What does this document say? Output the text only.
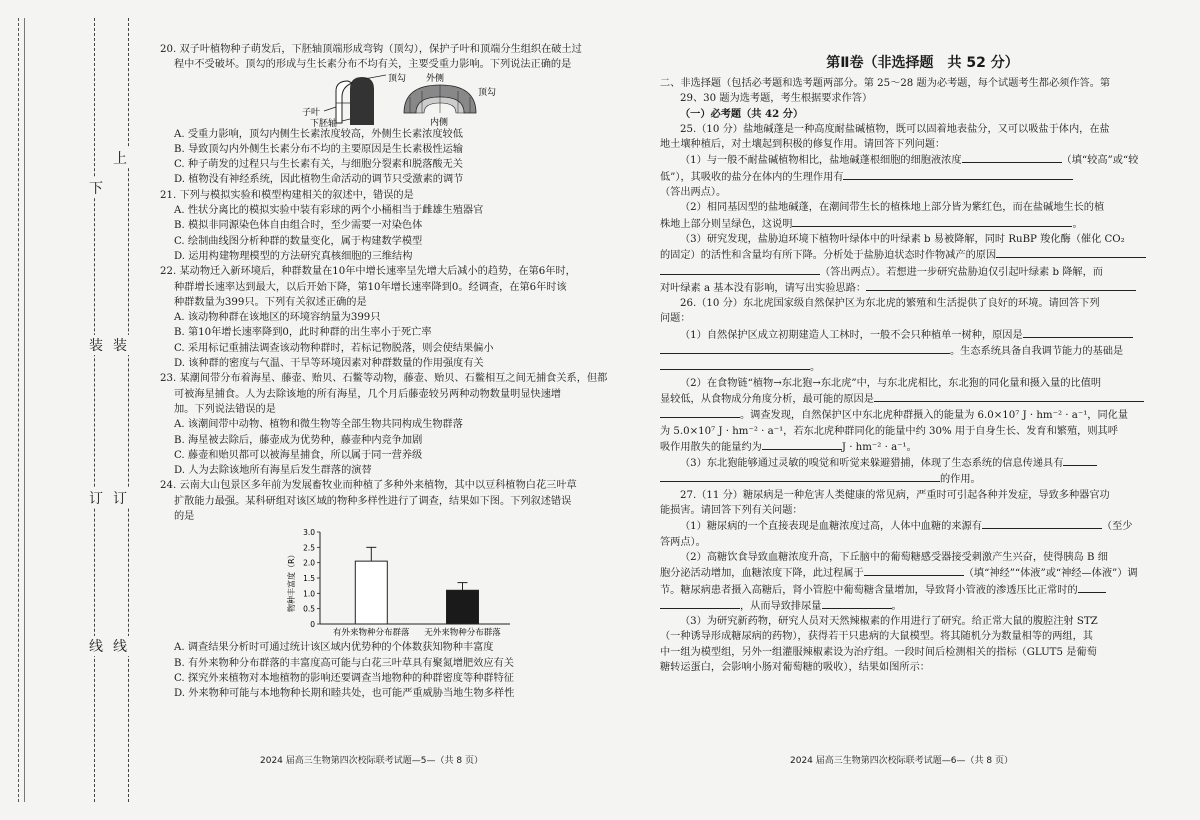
下
装
订
线
上
装
订
线
20. 双子叶植物种子萌发后，下胚轴顶端形成弯钩（顶勾），保护子叶和顶端分生组织在破土过
程中不受破坏。顶勾的形成与生长素分布不均有关，主要受重力影响。下列说法正确的是
顶勾
子叶
下胚轴
外侧
顶勾
内侧
A. 受重力影响，顶勾内侧生长素浓度较高，外侧生长素浓度较低
B. 导致顶勾内外侧生长素分布不均的主要原因是生长素极性运输
C. 种子萌发的过程只与生长素有关，与细胞分裂素和脱落酸无关
D. 植物没有神经系统，因此植物生命活动的调节只受激素的调节
21. 下列与模拟实验和模型构建相关的叙述中，错误的是
A. 性状分离比的模拟实验中装有彩球的两个小桶相当于雌雄生殖器官
B. 模拟非同源染色体自由组合时，至少需要一对染色体
C. 绘制曲线图分析种群的数量变化，属于构建数学模型
D. 运用构建物理模型的方法研究真核细胞的三维结构
22. 某动物迁入新环境后，种群数量在10年中增长速率呈先增大后减小的趋势，在第6年时，
种群增长速率达到最大，以后开始下降，第10年增长速率降到0。经调查，在第6年时该
种群数量为399只。下列有关叙述正确的是
A. 该动物种群在该地区的环境容纳量为399只
B. 第10年增长速率降到0，此时种群的出生率小于死亡率
C. 采用标记重捕法调查该动物种群时，若标记物脱落，则会使结果偏小
D. 该种群的密度与气温、干旱等环境因素对种群数量的作用强度有关
23. 某潮间带分布着海星、藤壶、贻贝、石鳖等动物，藤壶、贻贝、石鳖相互之间无捕食关系，但都
可被海星捕食。人为去除该地的所有海星，几个月后藤壶较另两种动物数量明显快速增
加。下列说法错误的是
A. 该潮间带中动物、植物和微生物等全部生物共同构成生物群落
B. 海星被去除后，藤壶成为优势种，藤壶种内竞争加剧
C. 藤壶和贻贝都可以被海星捕食，所以属于同一营养级
D. 人为去除该地所有海星后发生群落的演替
24. 云南大山包景区多年前为发展畜牧业而种植了多种外来植物，其中以豆科植物白花三叶草
扩散能力最强。某科研组对该区域的物种多样性进行了调查，结果如下图。下列叙述错误
的是
0
0.5
1.0
1.5
2.0
2.5
3.0
有外来物种分布群落 无外来物种分布群落
物种丰富度（R）
A. 调查结果分析时可通过统计该区域内优势种的个体数获知物种丰富度
B. 有外来物种分布群落的丰富度高可能与白花三叶草具有聚氮增肥效应有关
C. 探究外来植物对本地植物的影响还要调查当地物种的种群密度等种群特征
D. 外来物种可能与本地物种长期和睦共处，也可能严重威胁当地生物多样性
2024 届高三生物第四次校际联考试题—5—（共 8 页）
第Ⅱ卷（非选择题　共 52 分）
二、非选择题（包括必考题和选考题两部分。第 25～28 题为必考题，每个试题考生都必须作答。第
29、30 题为选考题，考生根据要求作答）
（一）必考题（共 42 分）
25.（10 分）盐地碱蓬是一种高度耐盐碱植物，既可以固着地表盐分，又可以吸盐于体内，在盐
地土壤种植后，对土壤起到积极的修复作用。请回答下列问题：
（1）与一般不耐盐碱植物相比，盐地碱蓬根细胞的细胞液浓度	（填“较高”或“较
低”），其吸收的盐分在体内的生理作用有
（答出两点）。
（2）相同基因型的盐地碱蓬，在潮间带生长的植株地上部分皆为紫红色，而在盐碱地生长的植
株地上部分则呈绿色，这说明	。
（3）研究发现，盐胁迫环境下植物叶绿体中的叶绿素 b 易被降解，同时 RuBP 羧化酶（催化 CO₂
的固定）的活性和含量均有所下降。分析处于盐胁迫状态时作物减产的原因
（答出两点）。若想进一步研究盐胁迫仅引起叶绿素 b 降解，而
对叶绿素 a 基本没有影响，请写出实验思路：
26.（10 分）东北虎国家级自然保护区为东北虎的繁殖和生活提供了良好的环境。请回答下列
问题：
（1）自然保护区成立初期建造人工林时，一般不会只种植单一树种，原因是
。生态系统具备自我调节能力的基础是
。
（2）在食物链“植物→东北狍→东北虎”中，与东北虎相比，东北狍的同化量和摄入量的比值明
显较低，从食物成分角度分析，最可能的原因是
。调查发现，自然保护区中东北虎种群摄入的能量为 6.0×10⁷ J · hm⁻² · a⁻¹，同化量
为 5.0×10⁷ J · hm⁻² · a⁻¹，若东北虎种群同化的能量中约 30% 用于自身生长、发育和繁殖，则其呼
吸作用散失的能量约为	J · hm⁻² · a⁻¹。
（3）东北狍能够通过灵敏的嗅觉和听觉来躲避猎捕，体现了生态系统的信息传递具有
的作用。
27.（11 分）糖尿病是一种危害人类健康的常见病，严重时可引起各种并发症，导致多种器官功
能损害。请回答下列有关问题：
（1）糖尿病的一个直接表现是血糖浓度过高，人体中血糖的来源有	（至少
答两点）。
（2）高糖饮食导致血糖浓度升高，下丘脑中的葡萄糖感受器接受刺激产生兴奋，使得胰岛 B 细
胞分泌活动增加，血糖浓度下降，此过程属于	（填“神经”“体液”或“神经—体液”）调
节。糖尿病患者摄入高糖后，肾小管腔中葡萄糖含量增加，导致肾小管液的渗透压比正常时的
，从而导致排尿量	。
（3）为研究新药物，研究人员对天然辣椒素的作用进行了研究。给正常大鼠的腹腔注射 STZ
（一种诱导形成糖尿病的药物），获得若干只患病的大鼠模型。将其随机分为数量相等的两组，其
中一组为模型组，另外一组灌服辣椒素设为治疗组。一段时间后检测相关的指标（GLUT5 是葡萄
糖转运蛋白，会影响小肠对葡萄糖的吸收），结果如图所示：
2024 届高三生物第四次校际联考试题—6—（共 8 页）
